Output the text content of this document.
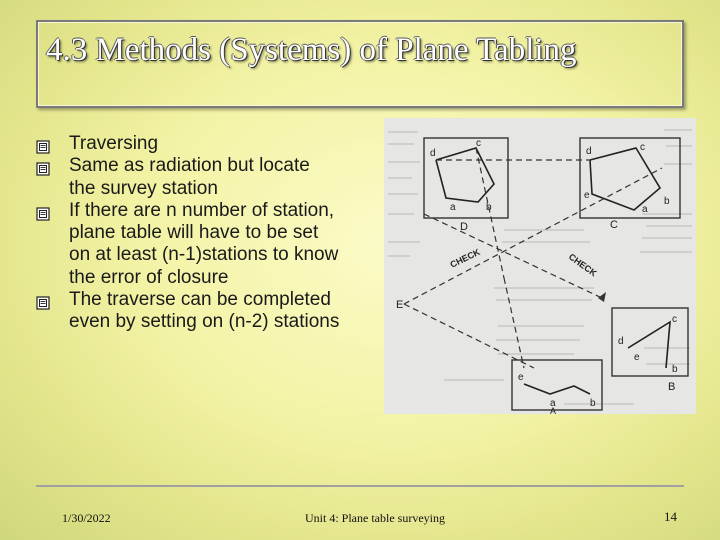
4.3 Methods (Systems) of Plane Tabling
Traversing
Same as radiation but locate
the survey station
If there are n number of station,
plane table will have to be set
on at least (n-1)stations to know
the error of closure
The traverse can be completed
even by setting on (n-2) stations
d
c
a	b
D
d	c
e
a
b
C
CHECK	CHECK
E
c
d
e
b
B
e
a	b
A
1/30/2022	Unit 4: Plane table surveying	14
